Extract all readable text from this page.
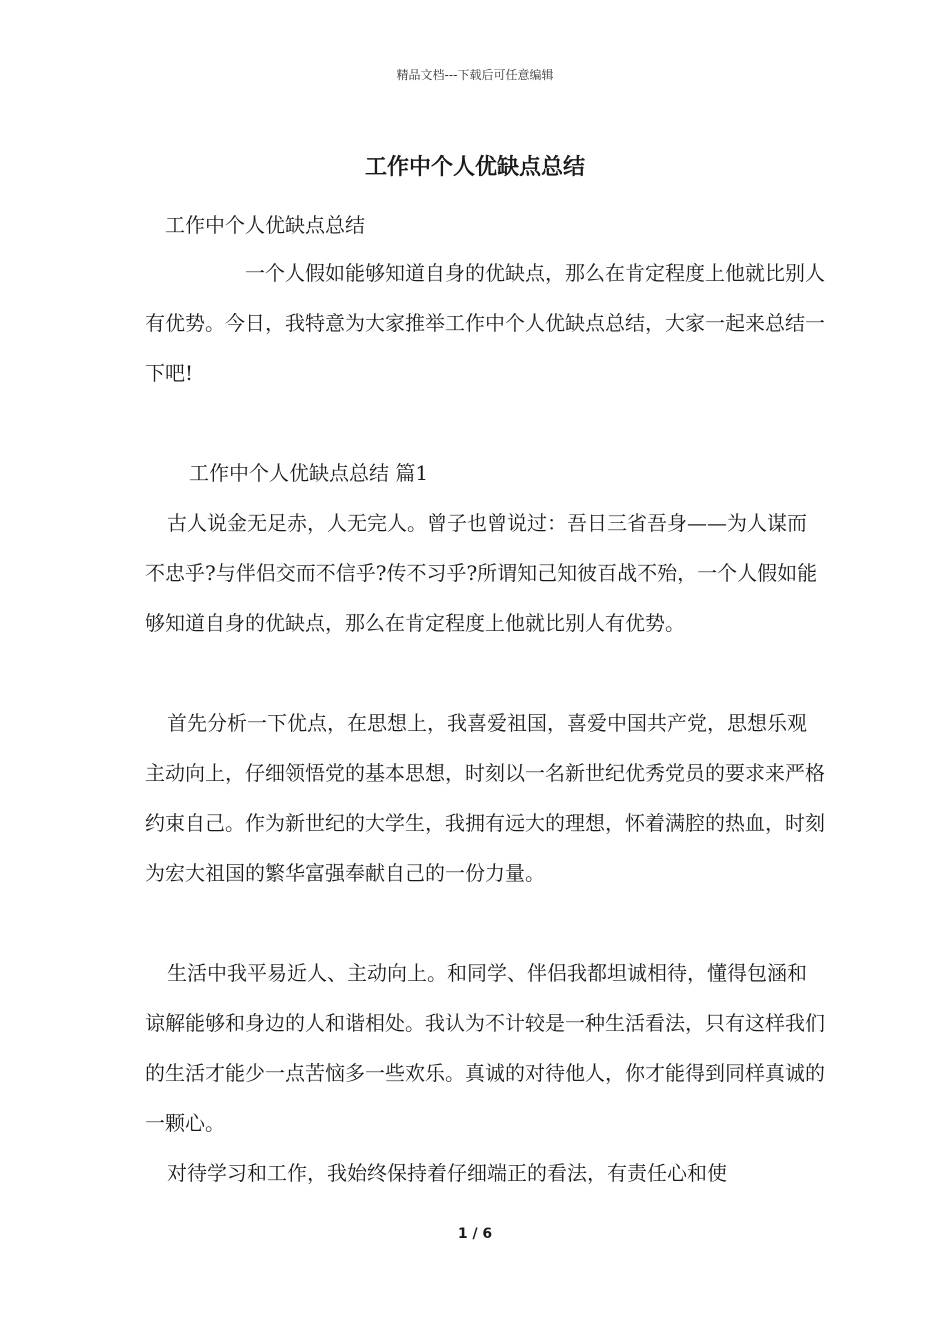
精品文档---下载后可任意编辑
工作中个人优缺点总结

工作中个人优缺点总结

一个人假如能够知道自身的优缺点，那么在肯定程度上他就比别人有优势。今日，我特意为大家推举工作中个人优缺点总结，大家一起来总结一下吧!

工作中个人优缺点总结 篇1

古人说金无足赤，人无完人。曾子也曾说过：吾日三省吾身——为人谋而不忠乎?与伴侣交而不信乎?传不习乎?所谓知己知彼百战不殆，一个人假如能够知道自身的优缺点，那么在肯定程度上他就比别人有优势。

首先分析一下优点，在思想上，我喜爱祖国，喜爱中国共产党，思想乐观主动向上，仔细领悟党的基本思想，时刻以一名新世纪优秀党员的要求来严格约束自己。作为新世纪的大学生，我拥有远大的理想，怀着满腔的热血，时刻为宏大祖国的繁华富强奉献自己的一份力量。

生活中我平易近人、主动向上。和同学、伴侣我都坦诚相待，懂得包涵和谅解能够和身边的人和谐相处。我认为不计较是一种生活看法，只有这样我们的生活才能少一点苦恼多一些欢乐。真诚的对待他人，你才能得到同样真诚的一颗心。

对待学习和工作，我始终保持着仔细端正的看法，有责任心和使

1 / 6
